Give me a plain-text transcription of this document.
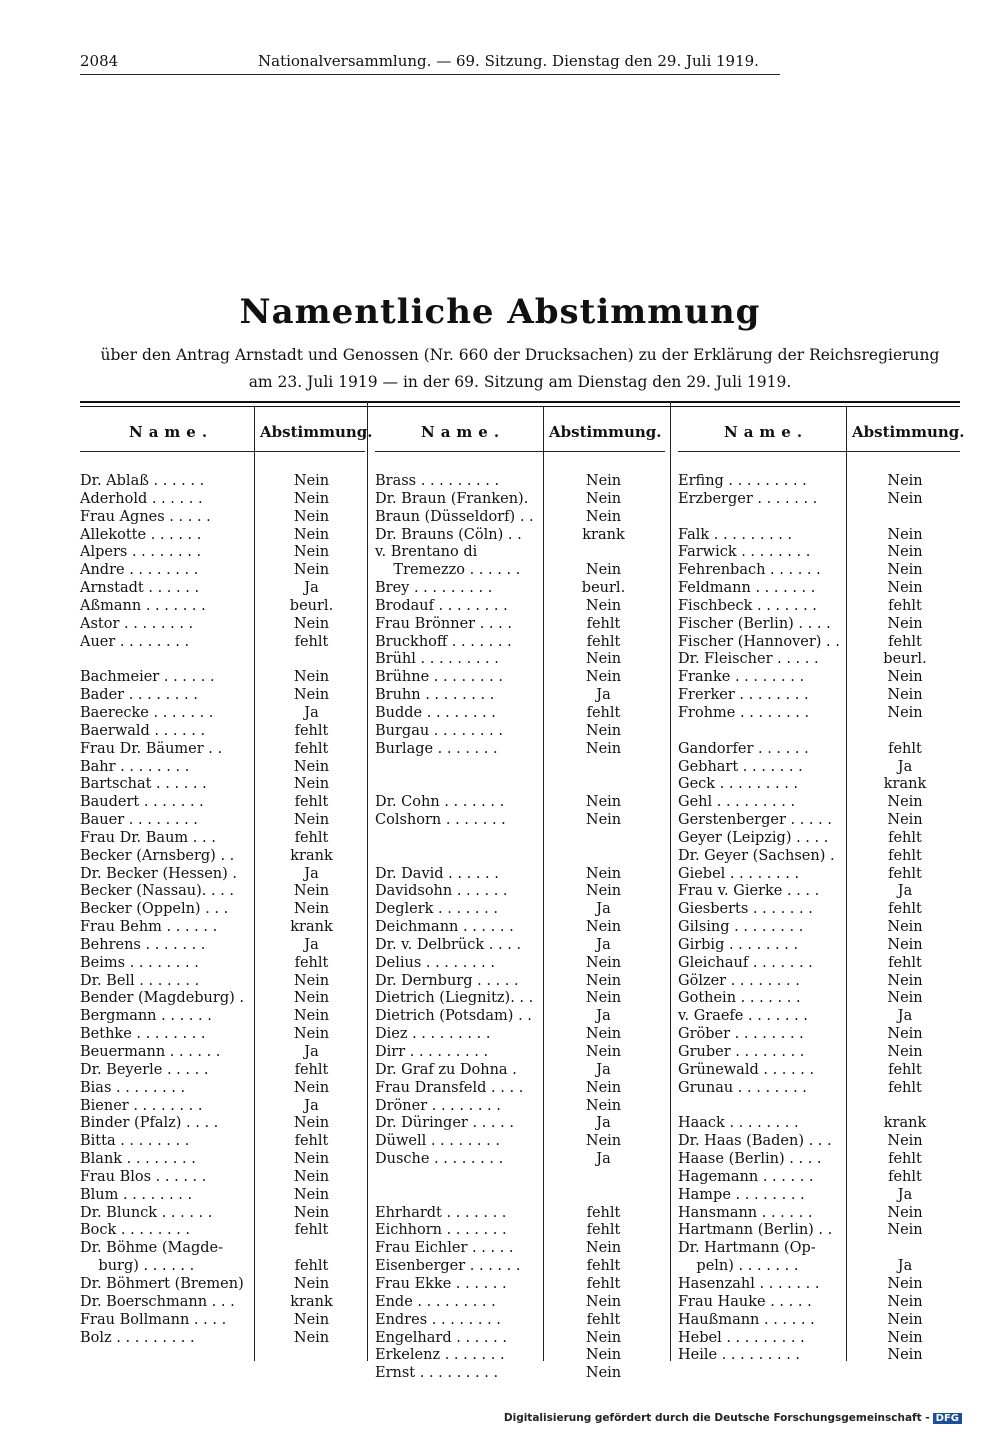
2084	Nationalversammlung. — 69. Sitzung. Dienstag den 29. Juli 1919.
Namentliche Abstimmung
über den Antrag Arnstadt und Genossen (Nr. 660 der Drucksachen) zu der Erklärung der Reichsregierung
am 23. Juli 1919 — in der 69. Sitzung am Dienstag den 29. Juli 1919.
Name.	Abstimmung.
Dr. Ablaß . . . . . .	Nein
Aderhold . . . . . .	Nein
Frau Agnes . . . . .	Nein
Allekotte . . . . . .	Nein
Alpers . . . . . . . .	Nein
Andre . . . . . . . .	Nein
Arnstadt . . . . . .	Ja
Aßmann . . . . . . .	beurl.
Astor . . . . . . . .	Nein
Auer . . . . . . . .	fehlt
Bachmeier . . . . . .	Nein
Bader . . . . . . . .	Nein
Baerecke . . . . . . .	Ja
Baerwald . . . . . .	fehlt
Frau Dr. Bäumer . .	fehlt
Bahr . . . . . . . .	Nein
Bartschat . . . . . .	Nein
Baudert . . . . . . .	fehlt
Bauer . . . . . . . .	Nein
Frau Dr. Baum . . .	fehlt
Becker (Arnsberg) . .	krank
Dr. Becker (Hessen) .	Ja
Becker (Nassau). . . .	Nein
Becker (Oppeln) . . .	Nein
Frau Behm . . . . . .	krank
Behrens . . . . . . .	Ja
Beims . . . . . . . .	fehlt
Dr. Bell . . . . . . .	Nein
Bender (Magdeburg) .	Nein
Bergmann . . . . . .	Nein
Bethke . . . . . . . .	Nein
Beuermann . . . . . .	Ja
Dr. Beyerle . . . . .	fehlt
Bias . . . . . . . .	Nein
Biener . . . . . . . .	Ja
Binder (Pfalz) . . . .	Nein
Bitta . . . . . . . .	fehlt
Blank . . . . . . . .	Nein
Frau Blos . . . . . .	Nein
Blum . . . . . . . .	Nein
Dr. Blunck . . . . . .	Nein
Bock . . . . . . . .	fehlt
Dr. Böhme (Magde-
burg) . . . . . .	fehlt
Dr. Böhmert (Bremen)	Nein
Dr. Boerschmann . . .	krank
Frau Bollmann . . . .	Nein
Bolz . . . . . . . . .	Nein
Name.	Abstimmung.
Brass . . . . . . . . .	Nein
Dr. Braun (Franken).	Nein
Braun (Düsseldorf) . .	Nein
Dr. Brauns (Cöln) . .	krank
v. Brentano di
Tremezzo . . . . . .	Nein
Brey . . . . . . . . .	beurl.
Brodauf . . . . . . . .	Nein
Frau Brönner . . . .	fehlt
Bruckhoff . . . . . . .	fehlt
Brühl . . . . . . . . .	Nein
Brühne . . . . . . . .	Nein
Bruhn . . . . . . . .	Ja
Budde . . . . . . . .	fehlt
Burgau . . . . . . . .	Nein
Burlage . . . . . . .	Nein
Dr. Cohn . . . . . . .	Nein
Colshorn . . . . . . .	Nein
Dr. David . . . . . .	Nein
Davidsohn . . . . . .	Nein
Deglerk . . . . . . .	Ja
Deichmann . . . . . .	Nein
Dr. v. Delbrück . . . .	Ja
Delius . . . . . . . .	Nein
Dr. Dernburg . . . . .	Nein
Dietrich (Liegnitz). . .	Nein
Dietrich (Potsdam) . .	Ja
Diez . . . . . . . . .	Nein
Dirr . . . . . . . . .	Nein
Dr. Graf zu Dohna .	Ja
Frau Dransfeld . . . .	Nein
Dröner . . . . . . . .	Nein
Dr. Düringer . . . . .	Ja
Düwell . . . . . . . .	Nein
Dusche . . . . . . . .	Ja
Ehrhardt . . . . . . .	fehlt
Eichhorn . . . . . . .	fehlt
Frau Eichler . . . . .	Nein
Eisenberger . . . . . .	fehlt
Frau Ekke . . . . . .	fehlt
Ende . . . . . . . . .	Nein
Endres . . . . . . . .	fehlt
Engelhard . . . . . .	Nein
Erkelenz . . . . . . .	Nein
Ernst . . . . . . . . .	Nein
Name.	Abstimmung.
Erfing . . . . . . . . .	Nein
Erzberger . . . . . . .	Nein
Falk . . . . . . . . .	Nein
Farwick . . . . . . . .	Nein
Fehrenbach . . . . . .	Nein
Feldmann . . . . . . .	Nein
Fischbeck . . . . . . .	fehlt
Fischer (Berlin) . . . .	Nein
Fischer (Hannover) . .	fehlt
Dr. Fleischer . . . . .	beurl.
Franke . . . . . . . .	Nein
Frerker . . . . . . . .	Nein
Frohme . . . . . . . .	Nein
Gandorfer . . . . . .	fehlt
Gebhart . . . . . . .	Ja
Geck . . . . . . . . .	krank
Gehl . . . . . . . . .	Nein
Gerstenberger . . . . .	Nein
Geyer (Leipzig) . . . .	fehlt
Dr. Geyer (Sachsen) .	fehlt
Giebel . . . . . . . .	fehlt
Frau v. Gierke . . . .	Ja
Giesberts . . . . . . .	fehlt
Gilsing . . . . . . . .	Nein
Girbig . . . . . . . .	Nein
Gleichauf . . . . . . .	fehlt
Gölzer . . . . . . . .	Nein
Gothein . . . . . . .	Nein
v. Graefe . . . . . . .	Ja
Gröber . . . . . . . .	Nein
Gruber . . . . . . . .	Nein
Grünewald . . . . . .	fehlt
Grunau . . . . . . . .	fehlt
Haack . . . . . . . .	krank
Dr. Haas (Baden) . . .	Nein
Haase (Berlin) . . . .	fehlt
Hagemann . . . . . .	fehlt
Hampe . . . . . . . .	Ja
Hansmann . . . . . .	Nein
Hartmann (Berlin) . .	Nein
Dr. Hartmann (Op-
peln) . . . . . . .	Ja
Hasenzahl . . . . . . .	Nein
Frau Hauke . . . . .	Nein
Haußmann . . . . . .	Nein
Hebel . . . . . . . . .	Nein
Heile . . . . . . . . .	Nein
Digitalisierung gefördert durch die Deutsche Forschungsgemeinschaft - DFG
